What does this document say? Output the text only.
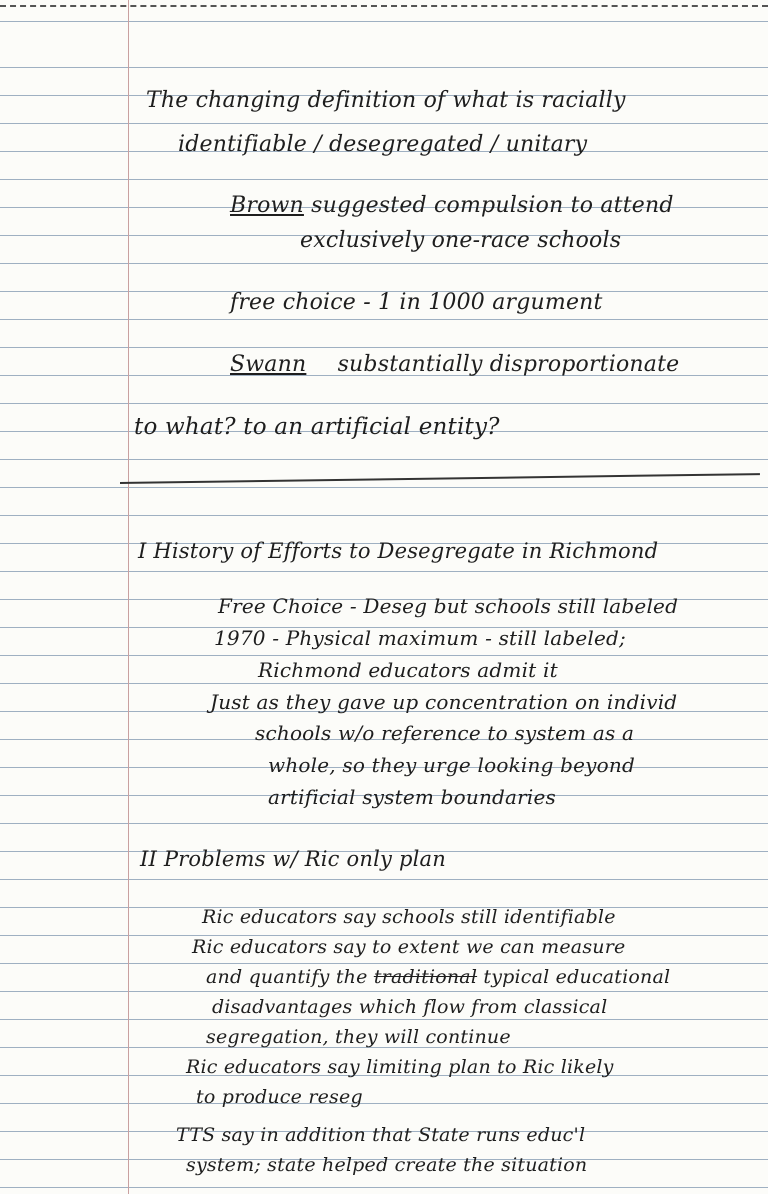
The changing definition of what is racially
identifiable / desegregated / unitary
Brown suggested compulsion to attend
exclusively one-race schools
free choice - 1 in 1000 argument
Swann substantially disproportionate
to what? to an artificial entity?
I History of Efforts to Desegregate in Richmond
Free Choice - Deseg but schools still labeled
1970 - Physical maximum - still labeled;
Richmond educators admit it
Just as they gave up concentration on individ
schools w/o reference to system as a
whole, so they urge looking beyond
artificial system boundaries
II Problems w/ Ric only plan
Ric educators say schools still identifiable
Ric educators say to extent we can measure
and quantify the traditional typical educational
disadvantages which flow from classical
segregation, they will continue
Ric educators say limiting plan to Ric likely
to produce reseg
TTS say in addition that State runs educ'l
system; state helped create the situation
